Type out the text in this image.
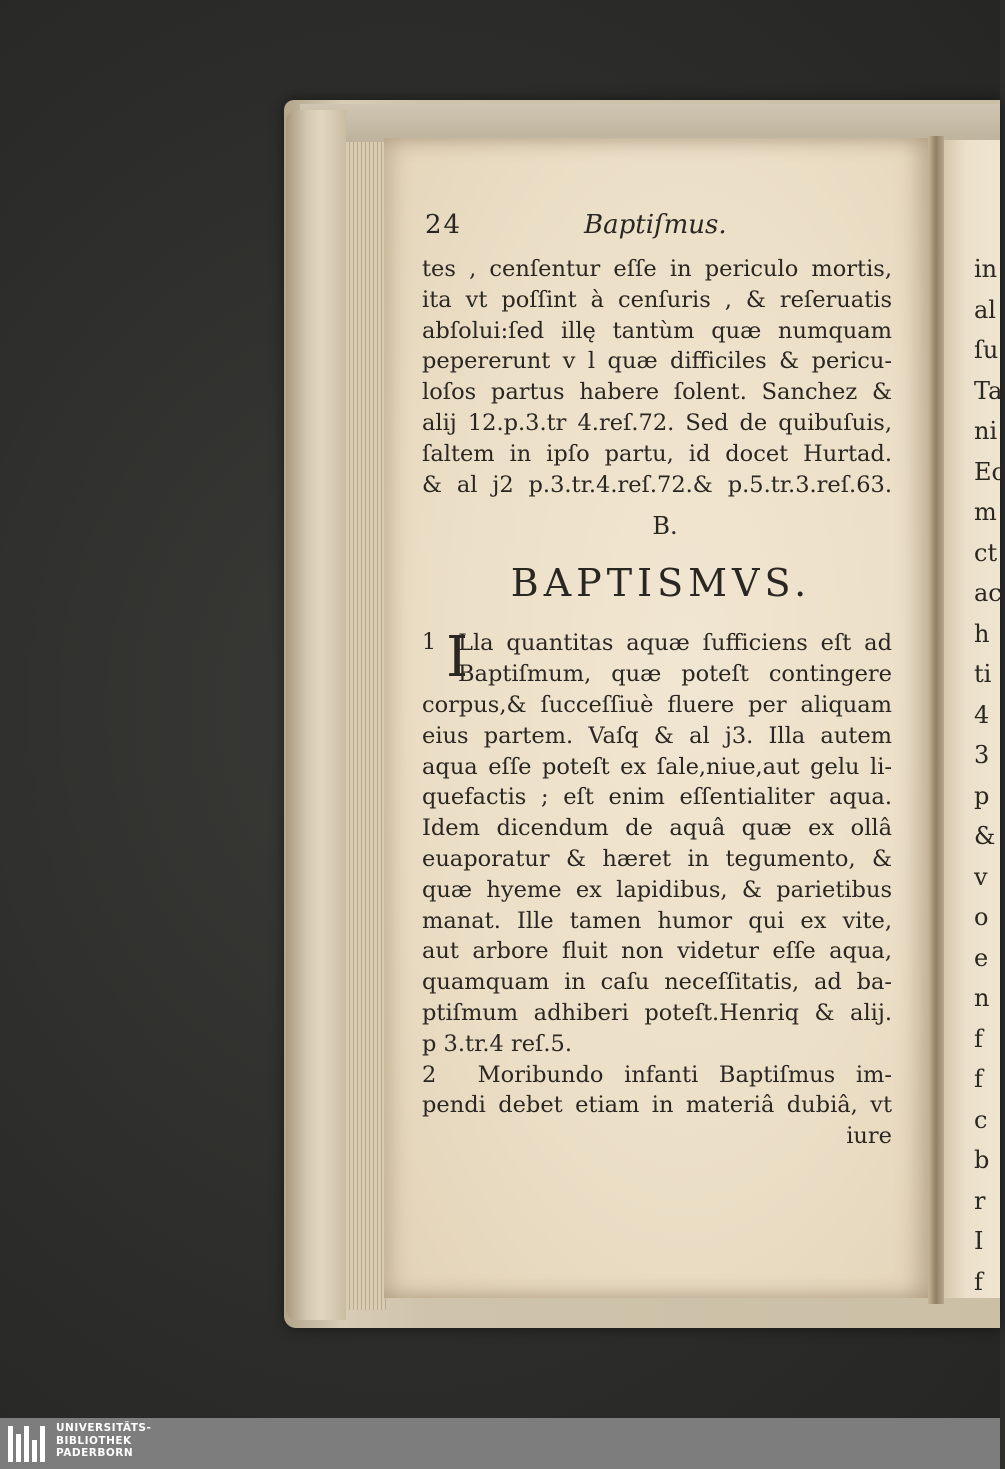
in
al
ſu
Ta
ni
Ec
m
ct
ac
h
ti
4
3
p
&
v
o
e
n
f
f
c
b
r
I
f
24	Baptiſmus.
tes , cenſentur eſſe in periculo mortis,
ita vt poſſint à cenſuris , & reſeruatis
abſolui:ſed illę tantùm quæ numquam
pepererunt v l quæ difficiles & pericu-
loſos partus habere ſolent. Sanchez &
alij 12.p.3.tr 4.reſ.72. Sed de quibuſuis,
ſaltem in ipſo partu, id docet Hurtad.
& al j2 p.3.tr.4.reſ.72.& p.5.tr.3.reſ.63.
B.
BAPTISMVS.
1 I
Lla quantitas aquæ ſufficiens eſt ad
Baptiſmum, quæ poteſt contingere
corpus,& ſucceſſiuè fluere per aliquam
eius partem. Vaſq & al j3. Illa autem
aqua eſſe poteſt ex ſale,niue,aut gelu li-
quefactis ; eſt enim eſſentialiter aqua.
Idem dicendum de aquâ quæ ex ollâ
euaporatur & hæret in tegumento, &
quæ hyeme ex lapidibus, & parietibus
manat. Ille tamen humor qui ex vite,
aut arbore fluit non videtur eſſe aqua,
quamquam in caſu neceſſitatis, ad ba-
ptiſmum adhiberi poteſt.Henriq & alij.
p 3.tr.4 reſ.5.
2 Moribundo infanti Baptiſmus im-
pendi debet etiam in materiâ dubiâ, vt
iure
UNIVERSITÄTS-
BIBLIOTHEK
PADERBORN
